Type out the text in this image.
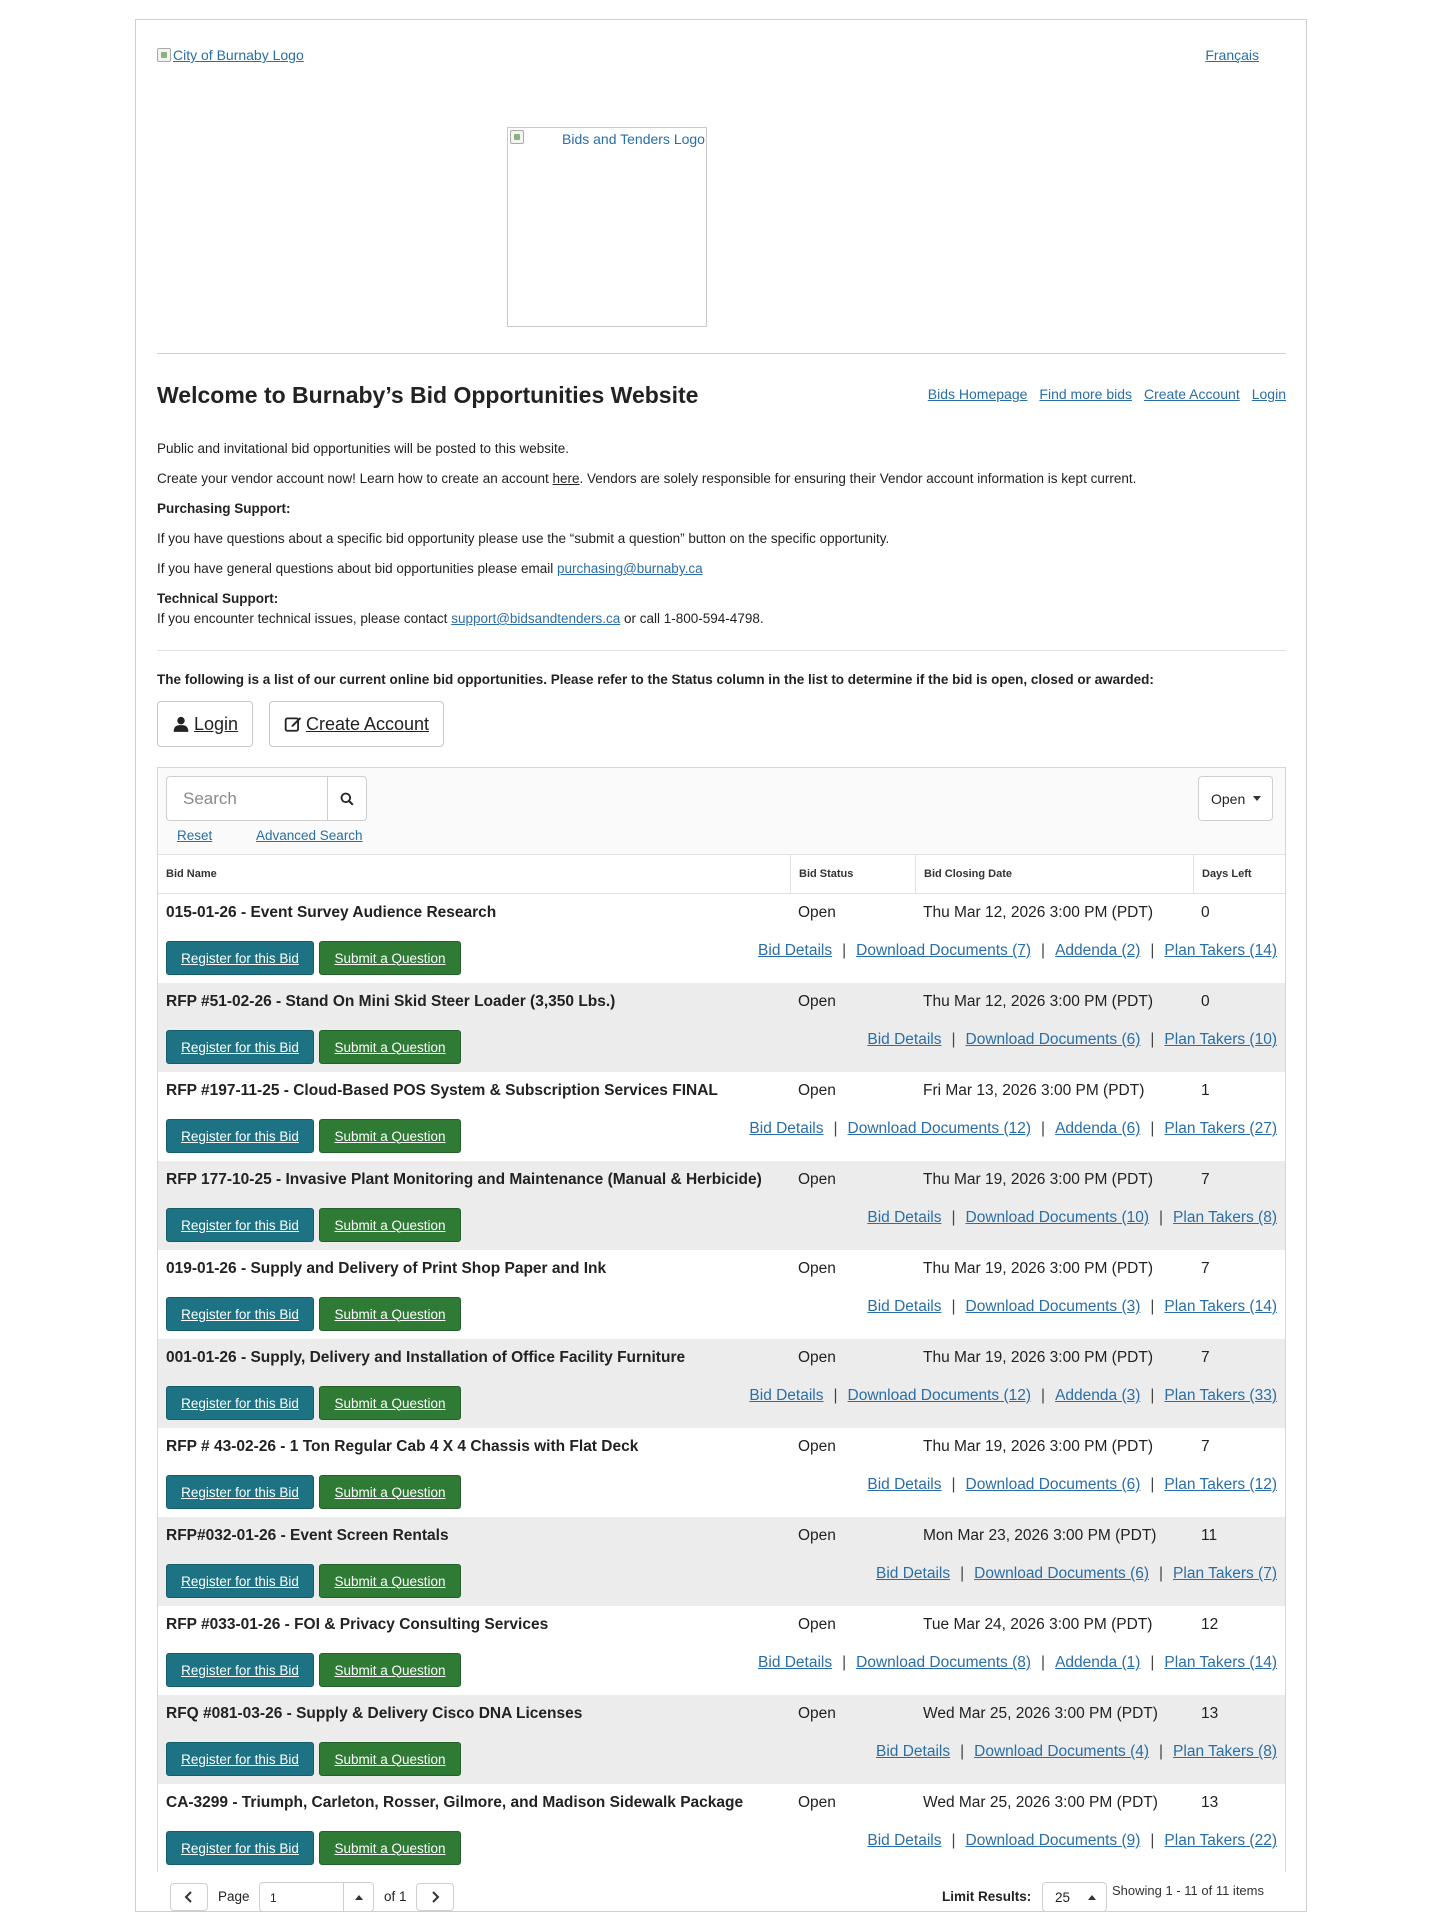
City of Burnaby Logo	Français
Bids and Tenders Logo
Welcome to Burnaby’s Bid Opportunities Website	Bids Homepage Find more bids Create Account Login

Public and invitational bid opportunities will be posted to this website.

Create your vendor account now! Learn how to create an account here. Vendors are solely responsible for ensuring their Vendor account information is kept current.

Purchasing Support:

If you have questions about a specific bid opportunity please use the “submit a question” button on the specific opportunity.

If you have general questions about bid opportunities please email purchasing@burnaby.ca

Technical Support:

If you encounter technical issues, please contact support@bidsandtenders.ca or call 1-800-594-4798.

The following is a list of our current online bid opportunities. Please refer to the Status column in the list to determine if the bid is open, closed or awarded:

Login	Create Account
Search
Reset	Advanced Search
Open
Bid Name	Bid Status	Bid Closing Date	Days Left
015-01-26 - Event Survey Audience Research	Open	Thu Mar 12, 2026 3:00 PM (PDT)	0
Register for this Bid	Submit a Question	Bid Details | Download Documents (7) | Addenda (2) | Plan Takers (14)
RFP #51-02-26 - Stand On Mini Skid Steer Loader (3,350 Lbs.)	Open	Thu Mar 12, 2026 3:00 PM (PDT)	0
Register for this Bid	Submit a Question	Bid Details | Download Documents (6) | Plan Takers (10)
RFP #197-11-25 - Cloud-Based POS System & Subscription Services FINAL	Open	Fri Mar 13, 2026 3:00 PM (PDT)	1
Register for this Bid	Submit a Question	Bid Details | Download Documents (12) | Addenda (6) | Plan Takers (27)
RFP 177-10-25 - Invasive Plant Monitoring and Maintenance (Manual & Herbicide) Open	Thu Mar 19, 2026 3:00 PM (PDT)	7
Register for this Bid	Submit a Question	Bid Details | Download Documents (10) | Plan Takers (8)
019-01-26 - Supply and Delivery of Print Shop Paper and Ink	Open	Thu Mar 19, 2026 3:00 PM (PDT)	7
Register for this Bid	Submit a Question	Bid Details | Download Documents (3) | Plan Takers (14)
001-01-26 - Supply, Delivery and Installation of Office Facility Furniture	Open	Thu Mar 19, 2026 3:00 PM (PDT)	7
Register for this Bid	Submit a Question	Bid Details | Download Documents (12) | Addenda (3) | Plan Takers (33)
RFP # 43-02-26 - 1 Ton Regular Cab 4 X 4 Chassis with Flat Deck	Open	Thu Mar 19, 2026 3:00 PM (PDT)	7
Register for this Bid	Submit a Question	Bid Details | Download Documents (6) | Plan Takers (12)
RFP#032-01-26 - Event Screen Rentals	Open	Mon Mar 23, 2026 3:00 PM (PDT)	11
Register for this Bid	Submit a Question	Bid Details | Download Documents (6) | Plan Takers (7)
RFP #033-01-26 - FOI & Privacy Consulting Services	Open	Tue Mar 24, 2026 3:00 PM (PDT)	12
Register for this Bid	Submit a Question	Bid Details | Download Documents (8) | Addenda (1) | Plan Takers (14)
RFQ #081-03-26 - Supply & Delivery Cisco DNA Licenses	Open	Wed Mar 25, 2026 3:00 PM (PDT)	13
Register for this Bid	Submit a Question	Bid Details | Download Documents (4) | Plan Takers (8)
CA-3299 - Triumph, Carleton, Rosser, Gilmore, and Madison Sidewalk Package	Open	Wed Mar 25, 2026 3:00 PM (PDT)	13
Register for this Bid	Submit a Question	Bid Details | Download Documents (9) | Plan Takers (22)
Page	1	of 1	Limit Results: 25	Showing 1 - 11 of 11 items
